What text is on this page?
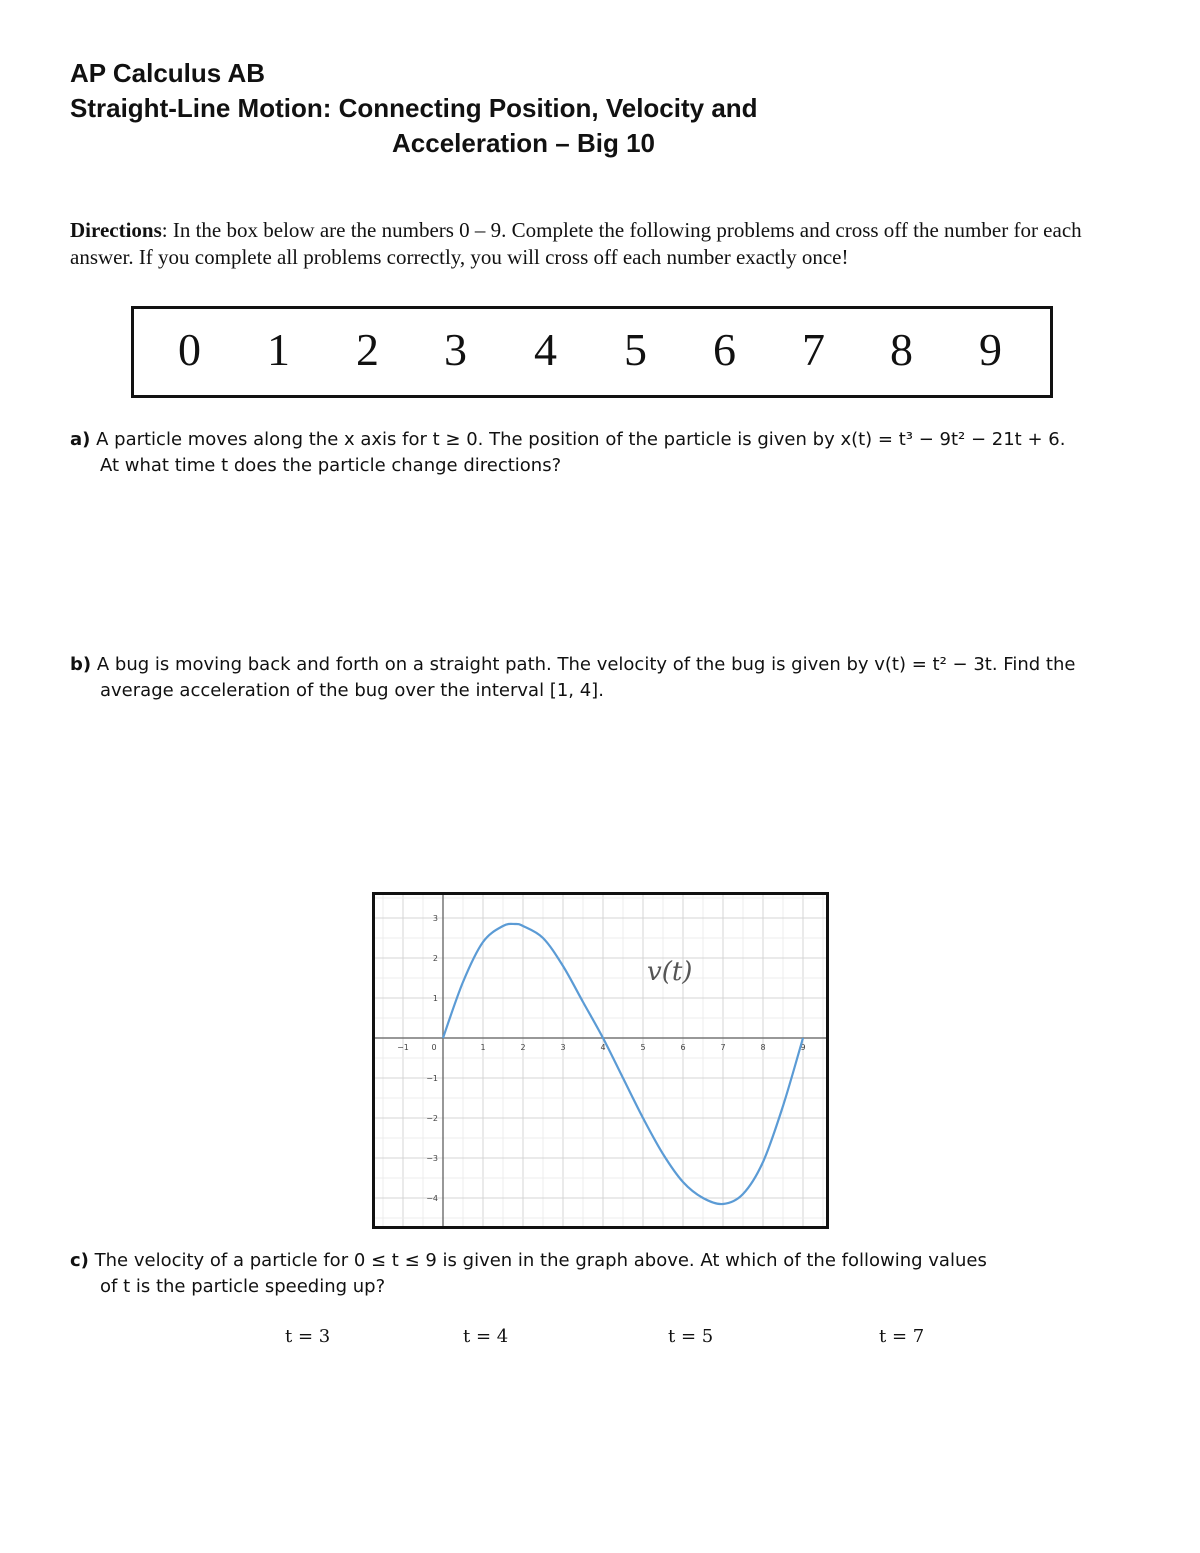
AP Calculus AB
Straight-Line Motion: Connecting Position, Velocity and
Acceleration – Big 10
Directions: In the box below are the numbers 0 – 9. Complete the following problems and cross off the number for each answer. If you complete all problems correctly, you will cross off each number exactly once!
0 1 2 3 4 5 6 7 8 9
a) A particle moves along the x axis for t ≥ 0. The position of the particle is given by x(t) = t³ − 9t² − 21t + 6.
At what time t does the particle change directions?
b) A bug is moving back and forth on a straight path. The velocity of the bug is given by v(t) = t² − 3t. Find the
average acceleration of the bug over the interval [1, 4].
−1	0	1	2	3	4	5	6	7	8	9
3
2
1
−1
−2
−3
−4
v(t)
c) The velocity of a particle for 0 ≤ t ≤ 9 is given in the graph above. At which of the following values
of t is the particle speeding up?
t = 3	t = 4	t = 5	t = 7
